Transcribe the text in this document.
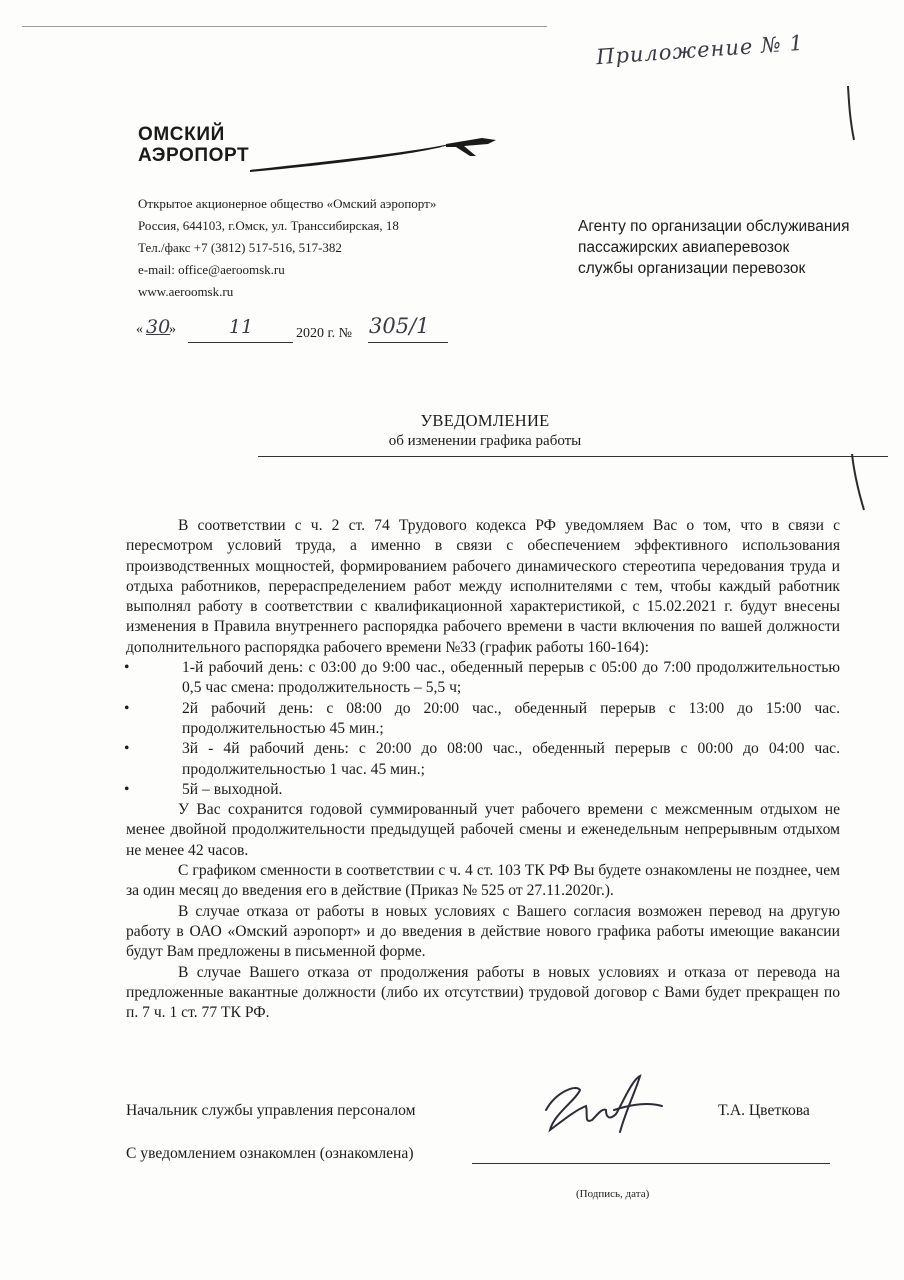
Приложение № 1
ОМСКИЙ
АЭРОПОРТ
Открытое акционерное общество «Омский аэропорт»
Россия, 644103, г.Омск, ул. Транссибирская, 18
Тел./факс +7 (3812) 517-516, 517-382
e-mail: office@aeroomsk.ru
www.aeroomsk.ru
Агенту по организации обслуживания
пассажирских авиаперевозок
службы организации перевозок
« 30
»	11	2020 г. № 305/1
УВЕДОМЛЕНИЕ
об изменении графика работы

В соответствии с ч. 2 ст. 74 Трудового кодекса РФ уведомляем Вас о том, что в связи с пересмотром условий труда, а именно в связи с обеспечением эффективного использования производственных мощностей, формированием рабочего динамического стереотипа чередования труда и отдыха работников, перераспределением работ между исполнителями с тем, чтобы каждый работник выполнял работу в соответствии с квалификационной характеристикой, с 15.02.2021 г. будут внесены изменения в Правила внутреннего распорядка рабочего времени в части включения по вашей должности дополнительного распорядка рабочего времени №33 (график работы 160-164):

•	1-й рабочий день: с 03:00 до 9:00 час., обеденный перерыв с 05:00 до 7:00 продолжительностью 0,5 час смена: продолжительность – 5,5 ч;

•	2й рабочий день: с 08:00 до 20:00 час., обеденный перерыв с 13:00 до 15:00 час. продолжительностью 45 мин.;

•	3й - 4й рабочий день: с 20:00 до 08:00 час., обеденный перерыв с 00:00 до 04:00 час. продолжительностью 1 час. 45 мин.;

•	5й – выходной.

У Вас сохранится годовой суммированный учет рабочего времени с межсменным отдыхом не менее двойной продолжительности предыдущей рабочей смены и еженедельным непрерывным отдыхом не менее 42 часов.

С графиком сменности в соответствии с ч. 4 ст. 103 ТК РФ Вы будете ознакомлены не позднее, чем за один месяц до введения его в действие (Приказ № 525 от 27.11.2020г.).

В случае отказа от работы в новых условиях с Вашего согласия возможен перевод на другую работу в ОАО «Омский аэропорт» и до введения в действие нового графика работы имеющие вакансии будут Вам предложены в письменной форме.

В случае Вашего отказа от продолжения работы в новых условиях и отказа от перевода на предложенные вакантные должности (либо их отсутствии) трудовой договор с Вами будет прекращен по п. 7 ч. 1 ст. 77 ТК РФ.

Начальник службы управления персоналом	Т.А. Цветкова
С уведомлением ознакомлен (ознакомлена)
(Подпись, дата)
